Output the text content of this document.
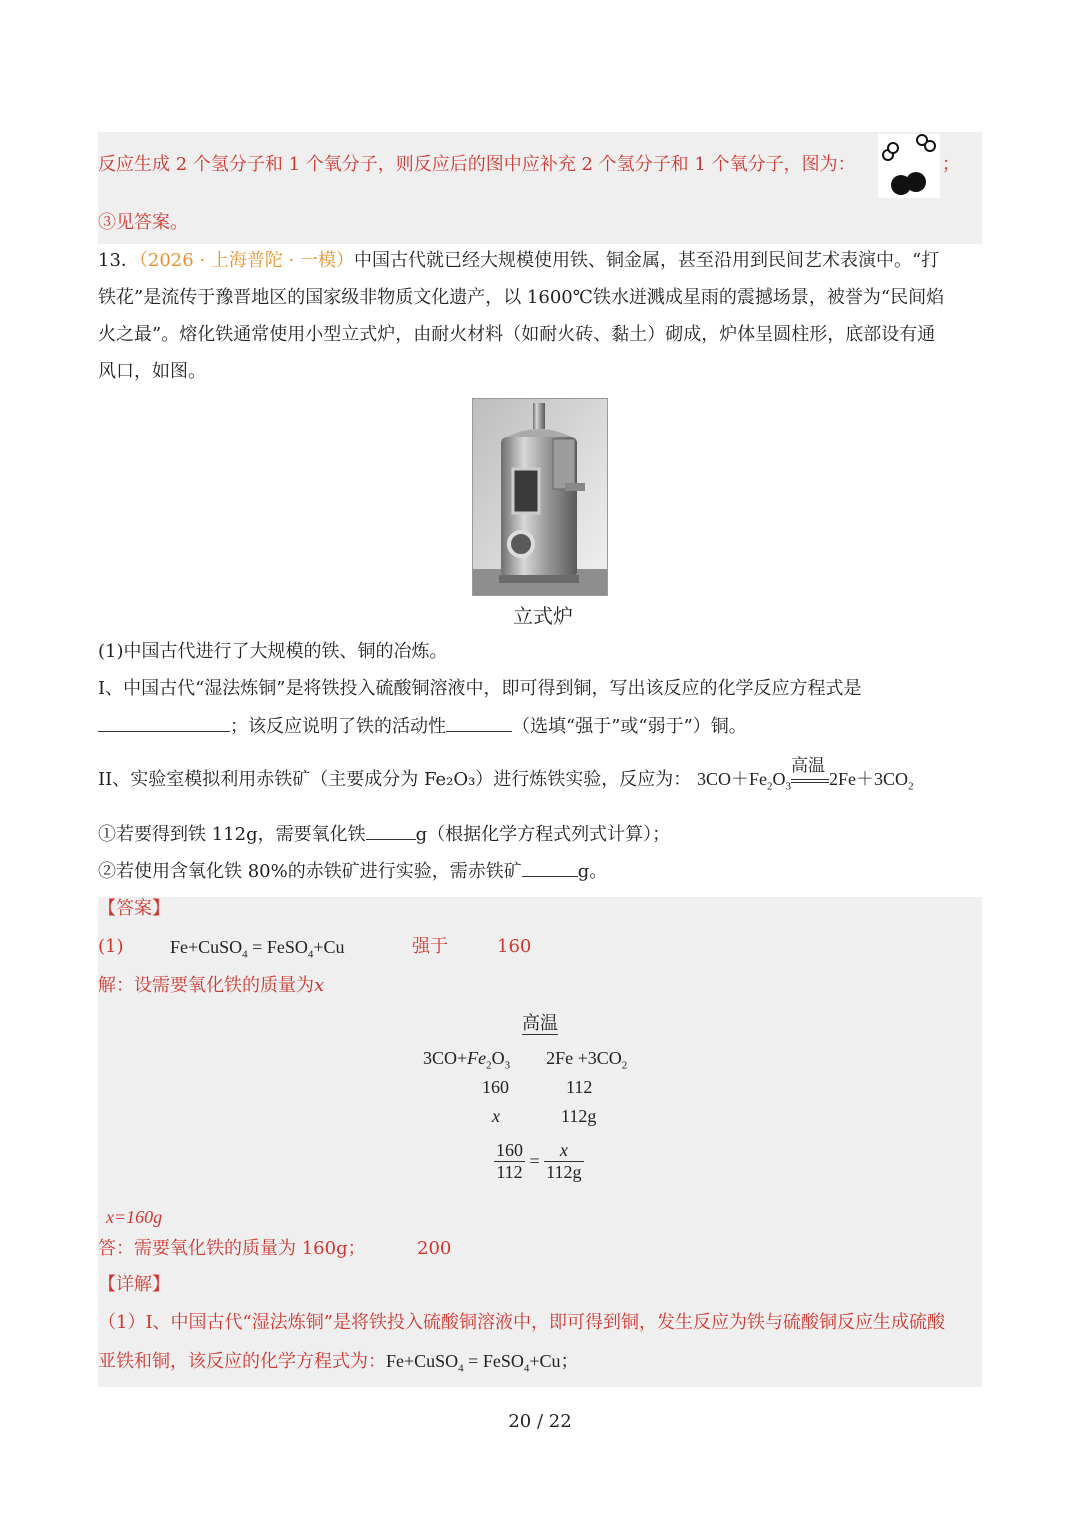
反应生成 2 个氢分子和 1 个氧分子，则反应后的图中应补充 2 个氢分子和 1 个氧分子，图为：	；
③见答案。
13．（2026 · 上海普陀 · 一模）中国古代就已经大规模使用铁、铜金属，甚至沿用到民间艺术表演中。“打
铁花”是流传于豫晋地区的国家级非物质文化遗产，以 1600℃铁水迸溅成星雨的震撼场景，被誉为“民间焰
火之最”。熔化铁通常使用小型立式炉，由耐火材料（如耐火砖、黏土）砌成，炉体呈圆柱形，底部设有通
风口，如图。
立式炉
(1)中国古代进行了大规模的铁、铜的冶炼。
I、中国古代“湿法炼铜”是将铁投入硫酸铜溶液中，即可得到铜，写出该反应的化学反应方程式是
；该反应说明了铁的活动性	（选填“强于”或“弱于”）铜。
II、实验室模拟利用赤铁矿（主要成分为 Fe₂O₃）进行炼铁实验，反应为： $3CO+Fe_2O_3$
高温
$2Fe+3CO_2$
①若要得到铁 112g，需要氧化铁	g（根据化学方程式列式计算）；
②若使用含氧化铁 80%的赤铁矿进行实验，需赤铁矿	g。
【答案】
(1)	Fe+CuSO$_4$ = FeSO$_4$+Cu	强于	160
解：设需要氧化铁的质量为x
高温
$3CO+Fe_2O_3$ $2Fe +3CO_2$
160	112
x	112g
$\frac{160}{112} = \frac{x}{112g}$
x=160g
答：需要氧化铁的质量为 160g；	200
【详解】
（1）I、中国古代“湿法炼铜”是将铁投入硫酸铜溶液中，即可得到铜，发生反应为铁与硫酸铜反应生成硫酸
亚铁和铜，该反应的化学方程式为：Fe+CuSO$_4$ = FeSO$_4$+Cu；
20 / 22
